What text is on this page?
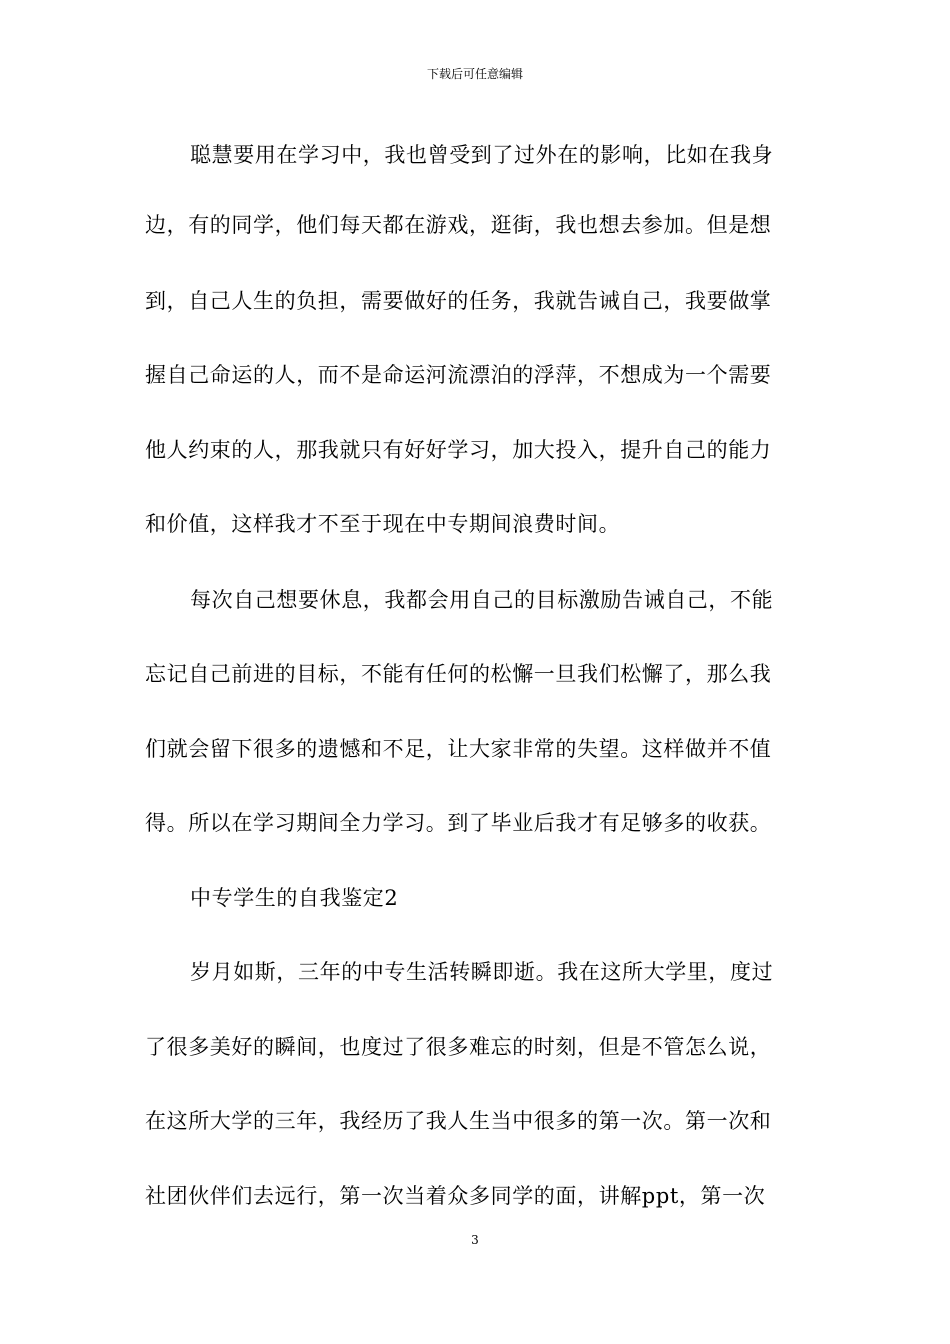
下载后可任意编辑
聪慧要用在学习中，我也曾受到了过外在的影响，比如在我身
边，有的同学，他们每天都在游戏，逛街，我也想去参加。但是想
到，自己人生的负担，需要做好的任务，我就告诫自己，我要做掌
握自己命运的人，而不是命运河流漂泊的浮萍，不想成为一个需要
他人约束的人，那我就只有好好学习，加大投入，提升自己的能力
和价值，这样我才不至于现在中专期间浪费时间。
每次自己想要休息，我都会用自己的目标激励告诫自己，不能
忘记自己前进的目标，不能有任何的松懈一旦我们松懈了，那么我
们就会留下很多的遗憾和不足，让大家非常的失望。这样做并不值
得。所以在学习期间全力学习。到了毕业后我才有足够多的收获。
中专学生的自我鉴定2
岁月如斯，三年的中专生活转瞬即逝。我在这所大学里，度过
了很多美好的瞬间，也度过了很多难忘的时刻，但是不管怎么说，
在这所大学的三年，我经历了我人生当中很多的第一次。第一次和
社团伙伴们去远行，第一次当着众多同学的面，讲解ppt，第一次
3
